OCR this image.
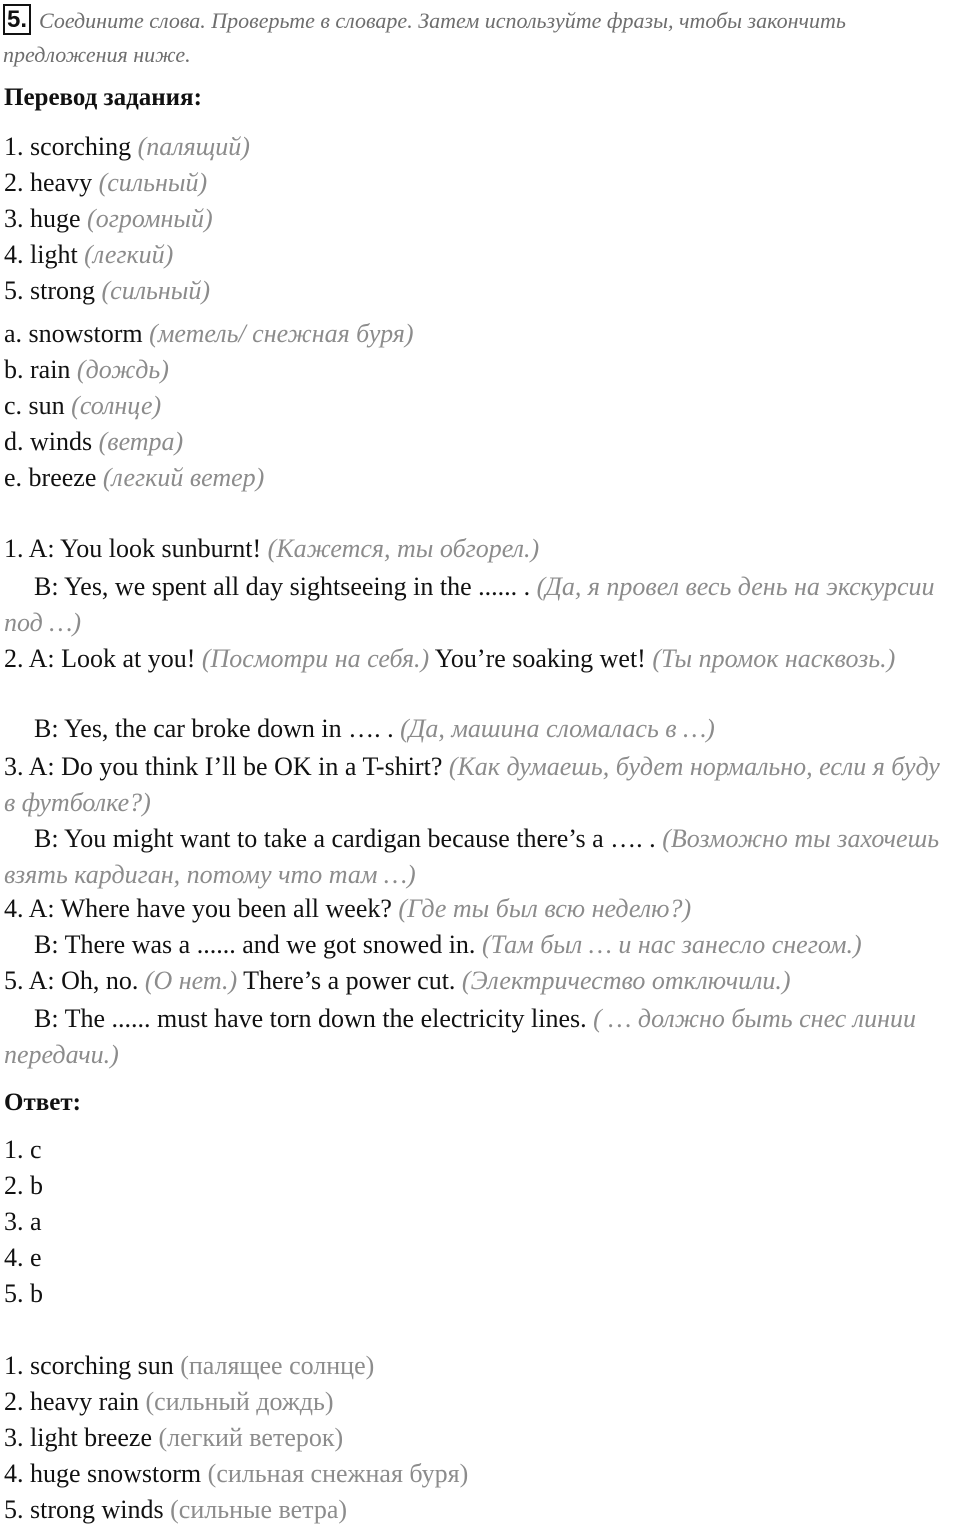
5. Соедините слова. Проверьте в словаре. Затем используйте фразы, чтобы закончить предложения ниже.
Перевод задания:
1. scorching (палящий)
2. heavy (сильный)
3. huge (огромный)
4. light (легкий)
5. strong (сильный)
a. snowstorm (метель/ снежная буря)
b. rain (дождь)
c. sun (солнце)
d. winds (ветра)
e. breeze (легкий ветер)
1. A: You look sunburnt! (Кажется, ты обгорел.)
B: Yes, we spent all day sightseeing in the ...... . (Да, я провел весь день на экскурсии под …)
2. A: Look at you! (Посмотри на себя.) You’re soaking wet! (Ты промок насквозь.)
B: Yes, the car broke down in …. . (Да, машина сломалась в …)
3. A: Do you think I’ll be OK in a T-shirt? (Как думаешь, будет нормально, если я буду в футболке?)
B: You might want to take a cardigan because there’s a …. . (Возможно ты захочешь взять кардиган, потому что там …)
4. A: Where have you been all week? (Где ты был всю неделю?)
B: There was a ...... and we got snowed in. (Там был … и нас занесло снегом.)
5. A: Oh, no. (О нет.) There’s a power cut. (Электричество отключили.)
B: The ...... must have torn down the electricity lines. ( … должно быть снес линии передачи.)
Ответ:
1. c
2. b
3. a
4. e
5. b
1. scorching sun (палящее солнце)
2. heavy rain (сильный дождь)
3. light breeze (легкий ветерок)
4. huge snowstorm (сильная снежная буря)
5. strong winds (сильные ветра)
